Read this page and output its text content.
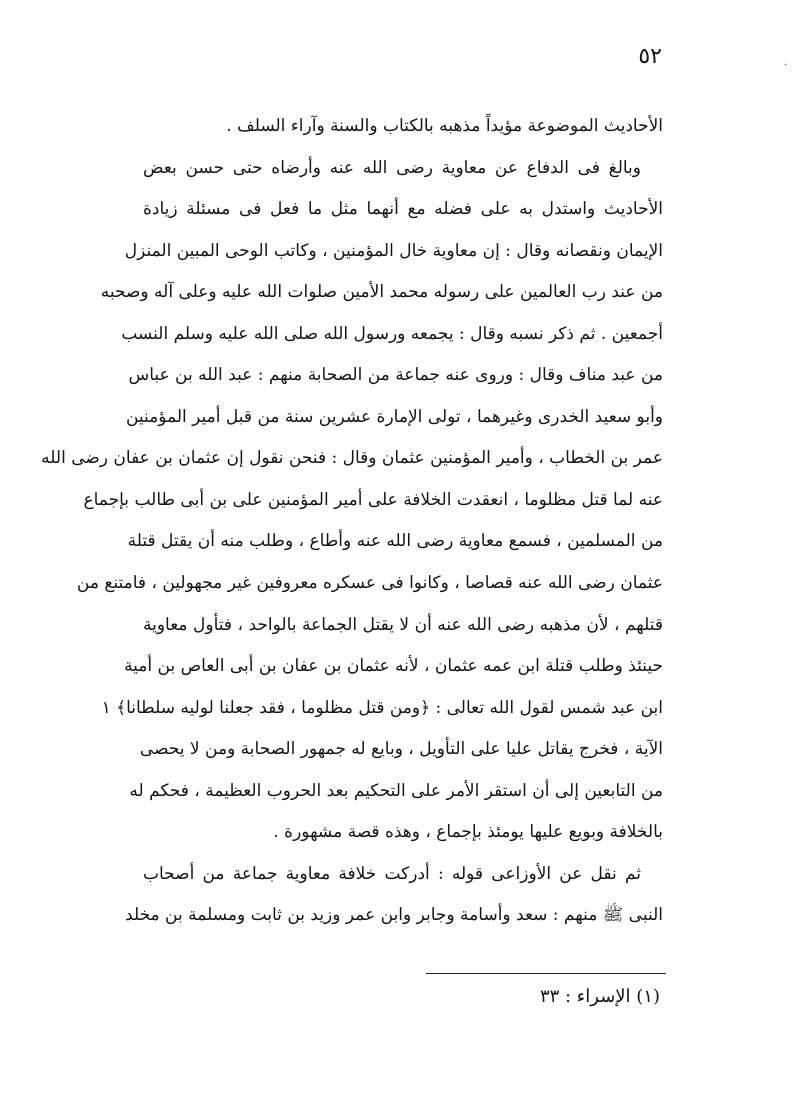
٥٢	·
الأحاديث الموضوعة مؤيداً مذهبه بالكتاب والسنة وآراء السلف .
وبالغ فى الدفاع عن معاوية رضى الله عنه وأرضاه حتى حسن بعض
الأحاديث واستدل به على فضله مع أنهما مثل ما فعل فى مسئلة زيادة
الإيمان ونقصانه وقال : إن معاوية خال المؤمنين ، وكاتب الوحى المبين المنزل
من عند رب العالمين على رسوله محمد الأمين صلوات الله عليه وعلى آله وصحبه
أجمعين . ثم ذكر نسبه وقال : يجمعه ورسول الله صلى الله عليه وسلم النسب
من عبد مناف وقال : وروى عنه جماعة من الصحابة منهم : عبد الله بن عباس
وأبو سعيد الخدرى وغيرهما ، تولى الإمارة عشرين سنة من قبل أمير المؤمنين
عمر بن الخطاب ، وأمير المؤمنين عثمان وقال : فنحن نقول إن عثمان بن عفان رضى الله
عنه لما قتل مظلوما ، انعقدت الخلافة على أمير المؤمنين على بن أبى طالب بإجماع
من المسلمين ، فسمع معاوية رضى الله عنه وأطاع ، وطلب منه أن يقتل قتلة
عثمان رضى الله عنه قصاصا ، وكانوا فى عسكره معروفين غير مجهولين ، فامتنع من
قتلهم ، لأن مذهبه رضى الله عنه أن لا يقتل الجماعة بالواحد ، فتأول معاوية
حينئذ وطلب قتلة ابن عمه عثمان ، لأنه عثمان بن عفان بن أبى العاص بن أمية
ابن عبد شمس لقول الله تعالى : ﴿ومن قتل مظلوما ، فقد جعلنا لوليه سلطانا﴾ ١
الآية ، فخرج يقاتل عليا على التأويل ، وبايع له جمهور الصحابة ومن لا يحصى
من التابعين إلى أن استقر الأمر على التحكيم بعد الحروب العظيمة ، فحكم له
بالخلافة وبويع عليها يومئذ بإجماع ، وهذه قصة مشهورة .
ثم نقل عن الأوزاعى قوله : أدركت خلافة معاوية جماعة من أصحاب
النبى ﷺ منهم : سعد وأسامة وجابر وابن عمر وزيد بن ثابت ومسلمة بن مخلد
(١) الإسراء : ٣٣
